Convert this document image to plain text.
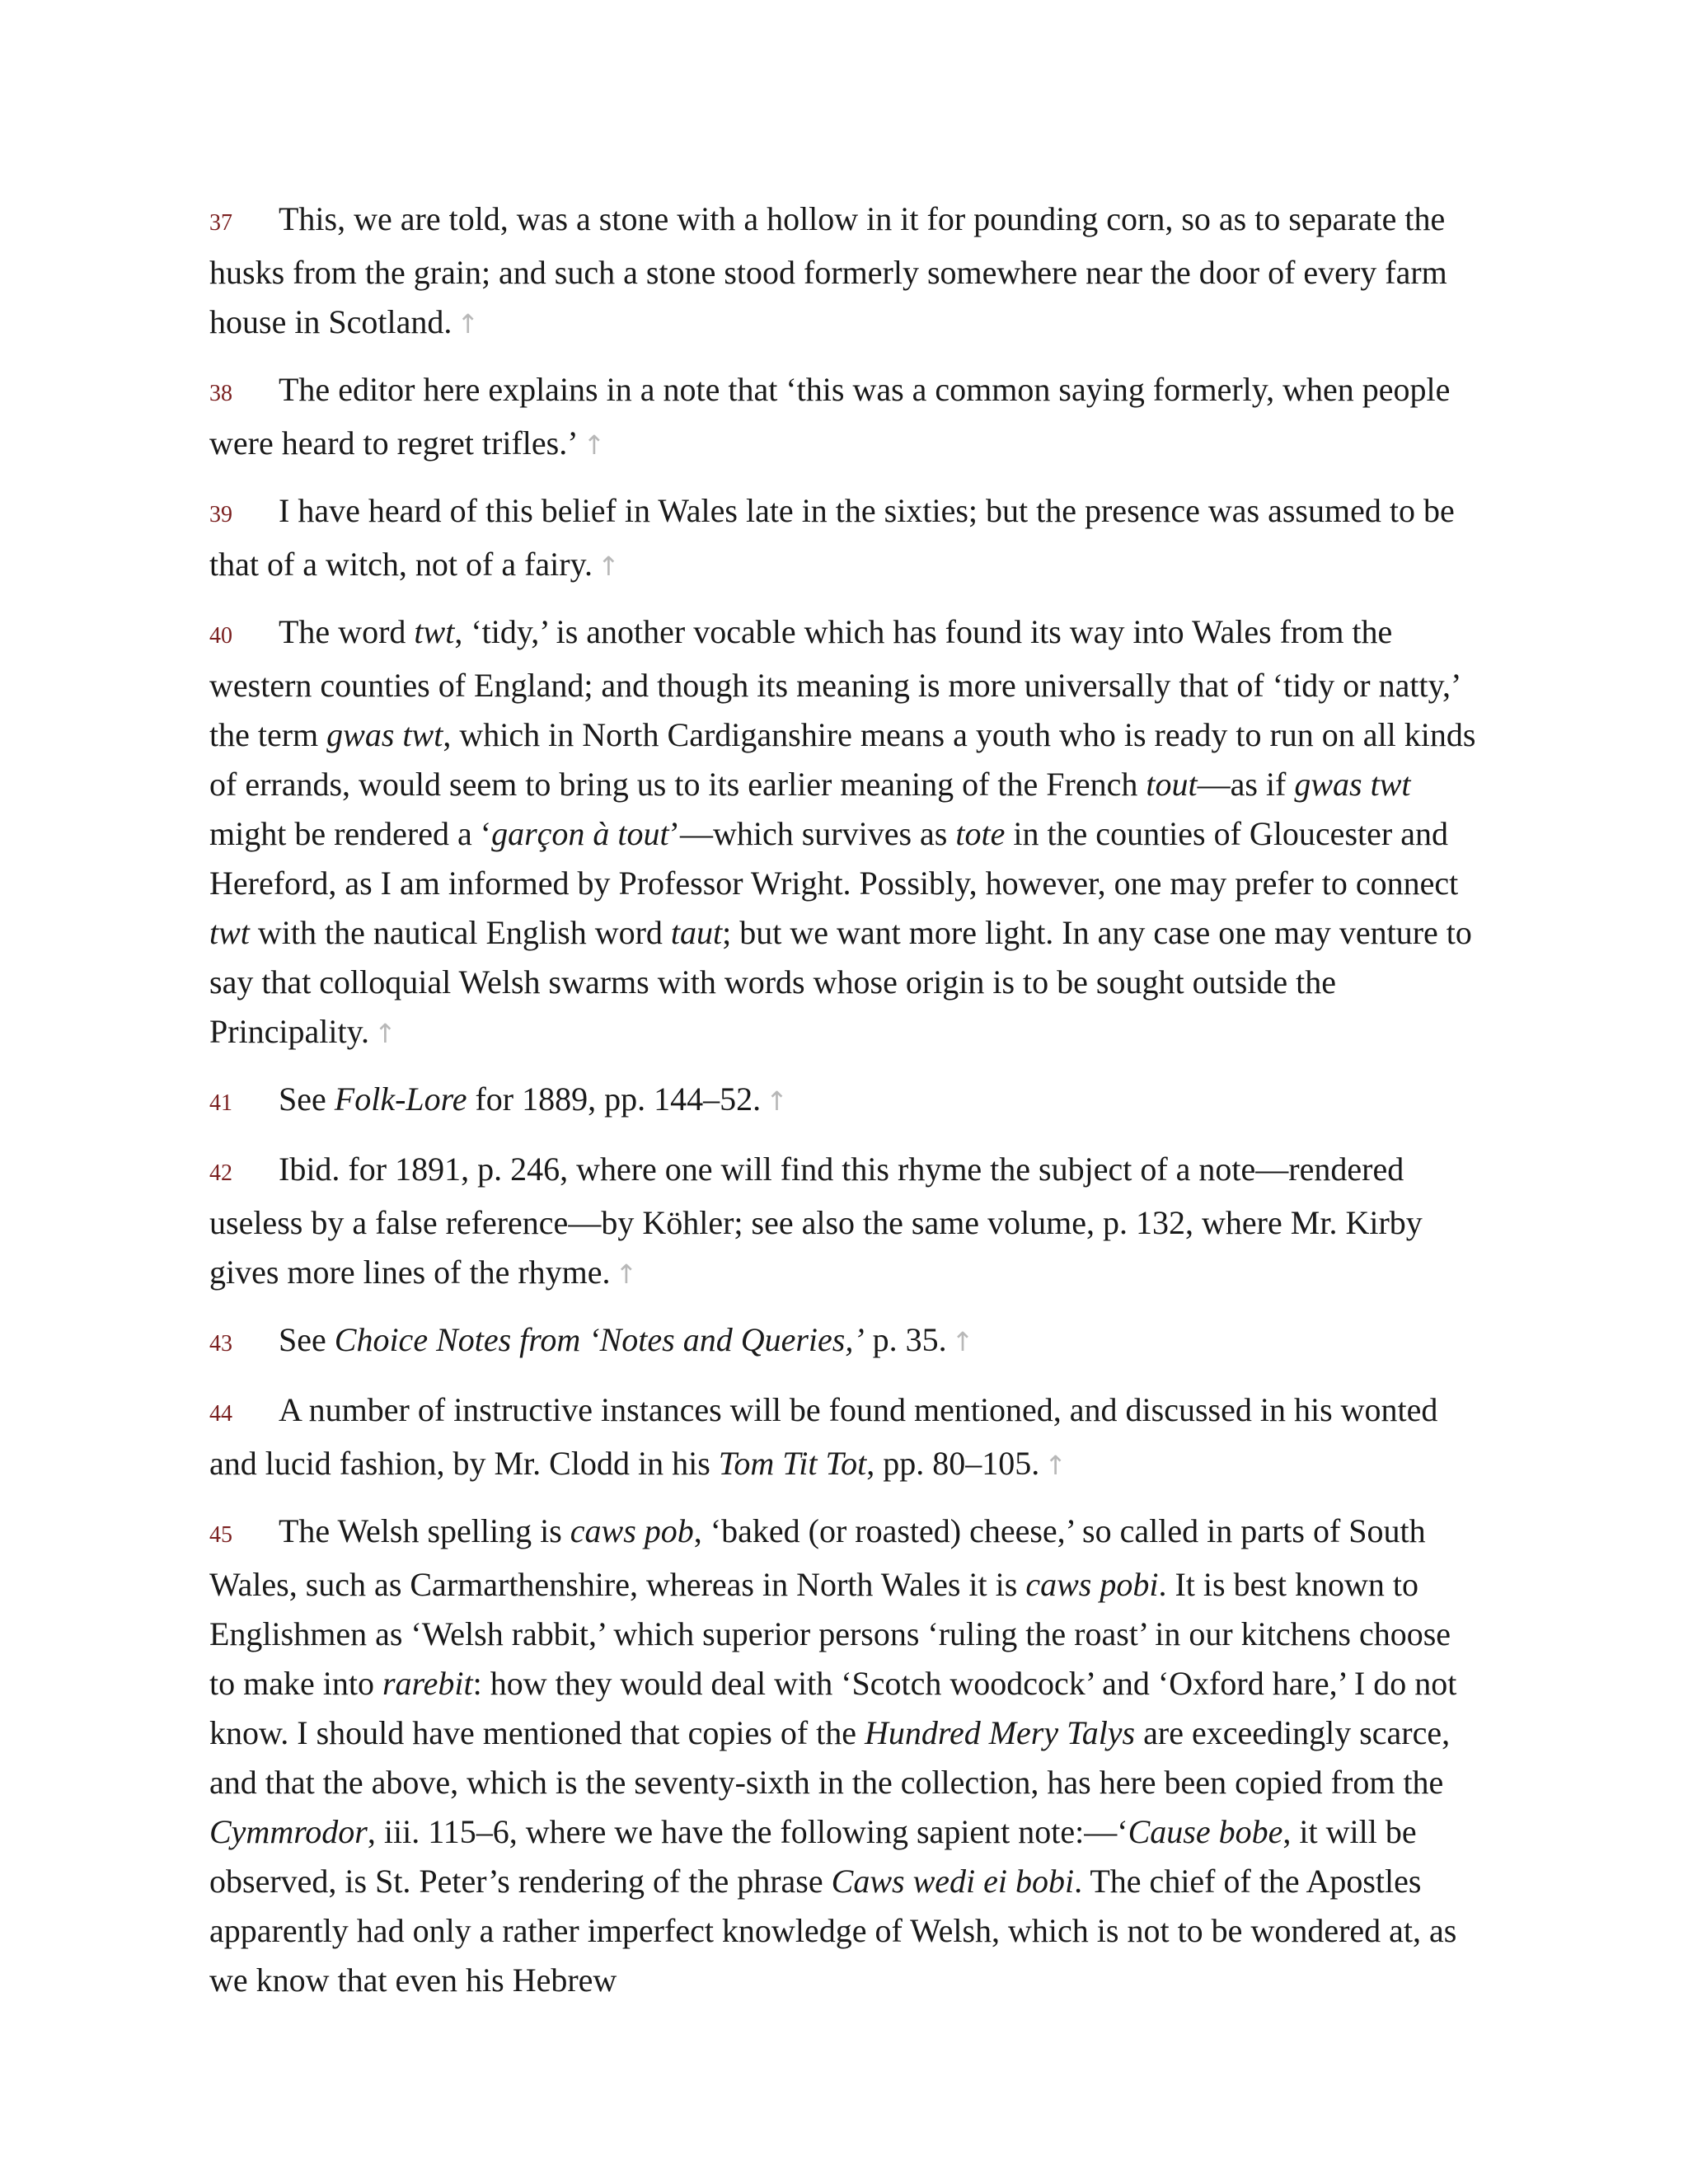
37 This, we are told, was a stone with a hollow in it for pounding corn, so as to separate the husks from the grain; and such a stone stood formerly somewhere near the door of every farm house in Scotland. ↑

38 The editor here explains in a note that ‘this was a common saying formerly, when people were heard to regret trifles.’ ↑

39 I have heard of this belief in Wales late in the sixties; but the presence was assumed to be that of a witch, not of a fairy. ↑

40 The word twt, ‘tidy,’ is another vocable which has found its way into Wales from the western counties of England; and though its meaning is more universally that of ‘tidy or natty,’ the term gwas twt, which in North Cardiganshire means a youth who is ready to run on all kinds of errands, would seem to bring us to its earlier meaning of the French tout—as if gwas twt might be rendered a ‘garçon à tout’—which survives as tote in the counties of Gloucester and Hereford, as I am informed by Professor Wright. Possibly, however, one may prefer to connect twt with the nautical English word taut; but we want more light. In any case one may venture to say that colloquial Welsh swarms with words whose origin is to be sought outside the Principality. ↑

41 See Folk-Lore for 1889, pp. 144–52. ↑

42 Ibid. for 1891, p. 246, where one will find this rhyme the subject of a note—rendered useless by a false reference—by Köhler; see also the same volume, p. 132, where Mr. Kirby gives more lines of the rhyme. ↑

43 See Choice Notes from ‘Notes and Queries,’ p. 35. ↑

44 A number of instructive instances will be found mentioned, and discussed in his wonted and lucid fashion, by Mr. Clodd in his Tom Tit Tot, pp. 80–105. ↑

45 The Welsh spelling is caws pob, ‘baked (or roasted) cheese,’ so called in parts of South Wales, such as Carmarthenshire, whereas in North Wales it is caws pobi. It is best known to Englishmen as ‘Welsh rabbit,’ which superior persons ‘ruling the roast’ in our kitchens choose to make into rarebit: how they would deal with ‘Scotch woodcock’ and ‘Oxford hare,’ I do not know. I should have mentioned that copies of the Hundred Mery Talys are exceedingly scarce, and that the above, which is the seventy-sixth in the collection, has here been copied from the Cymmrodor, iii. 115–6, where we have the following sapient note:—‘Cause bobe, it will be observed, is St. Peter’s rendering of the phrase Caws wedi ei bobi. The chief of the Apostles apparently had only a rather imperfect knowledge of Welsh, which is not to be wondered at, as we know that even his Hebrew
